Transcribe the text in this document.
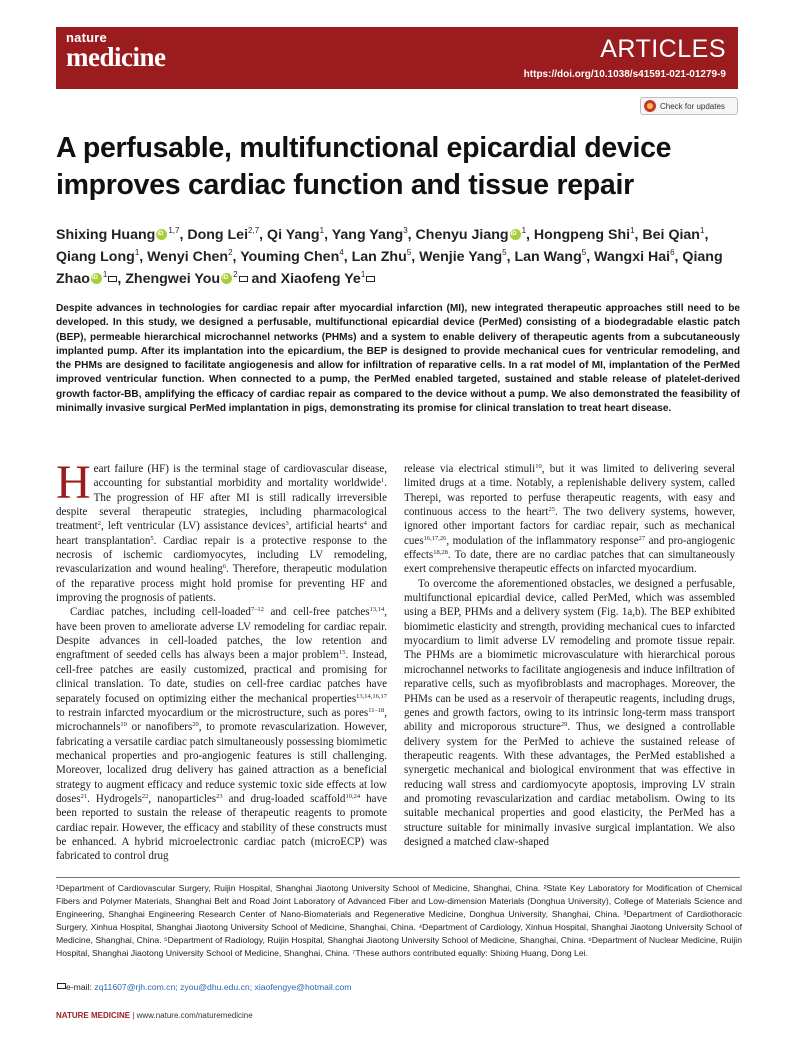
nature
medicine	ARTICLES
https://doi.org/10.1038/s41591-021-01279-9
Check for updates
A perfusable, multifunctional epicardial device improves cardiac function and tissue repair
Shixing Huang iD $^{1,7}$, Dong Lei$^{2,7}$, Qi Yang$^1$, Yang Yang$^3$, Chenyu Jiang iD $^1$, Hongpeng Shi$^1$, Bei Qian$^1$, Qiang Long$^1$, Wenyi Chen$^2$, Youming Chen$^4$, Lan Zhu$^5$, Wenjie Yang$^5$, Lan Wang$^5$, Wangxi Hai$^6$, Qiang Zhao iD $^1$ , Zhengwei You iD $^2$ and Xiaofeng Ye$^1$

Despite advances in technologies for cardiac repair after myocardial infarction (MI), new integrated therapeutic approaches still need to be developed. In this study, we designed a perfusable, multifunctional epicardial device (PerMed) consisting of a biodegradable elastic patch (BEP), permeable hierarchical microchannel networks (PHMs) and a system to enable delivery of therapeutic agents from a subcutaneously implanted pump. After its implantation into the epicardium, the BEP is designed to provide mechanical cues for ventricular remodeling, and the PHMs are designed to facilitate angiogenesis and allow for infiltration of reparative cells. In a rat model of MI, implantation of the PerMed improved ventricular function. When connected to a pump, the PerMed enabled targeted, sustained and stable release of platelet-derived growth factor-BB, amplifying the efficacy of cardiac repair as compared to the device without a pump. We also demonstrated the feasibility of minimally invasive surgical PerMed implantation in pigs, demonstrating its promise for clinical translation to treat heart disease.

Heart failure (HF) is the terminal stage of cardiovascular disease, accounting for substantial morbidity and mortality worldwide$^1$. The progression of HF after MI is still radically irreversible despite several therapeutic strategies, including pharmacological treatment$^2$, left ventricular (LV) assistance devices$^3$, artificial hearts$^4$ and heart transplantation$^5$. Cardiac repair is a protective response to the necrosis of ischemic cardiomyocytes, including LV remodeling, revascularization and wound healing$^6$. Therefore, therapeutic modulation of the reparative process might hold promise for preventing HF and improving the prognosis of patients.

Cardiac patches, including cell-loaded$^{7-12}$ and cell-free patches$^{13,14}$, have been proven to ameliorate adverse LV remodeling for cardiac repair. Despite advances in cell-loaded patches, the low retention and engraftment of seeded cells has always been a major problem$^{15}$. Instead, cell-free patches are easily customized, practical and promising for clinical translation. To date, studies on cell-free cardiac patches have separately focused on optimizing either the mechanical properties$^{13,14,16,17}$ to restrain infarcted myocardium or the microstructure, such as pores$^{11-18}$, microchannels$^{19}$ or nanofibers$^{20}$, to promote revascularization. However, fabricating a versatile cardiac patch simultaneously possessing biomimetic mechanical properties and pro-angiogenic features is still challenging. Moreover, localized drug delivery has gained attraction as a beneficial strategy to augment efficacy and reduce systemic toxic side effects at low doses$^{21}$. Hydrogels$^{22}$, nanoparticles$^{23}$ and drug-loaded scaffold$^{10,24}$ have been reported to sustain the release of therapeutic reagents to promote cardiac repair. However, the efficacy and stability of these constructs must be enhanced. A hybrid microelectronic cardiac patch (microECP) was fabricated to control drug

release via electrical stimuli$^{10}$, but it was limited to delivering several limited drugs at a time. Notably, a replenishable delivery system, called Therepi, was reported to perfuse therapeutic reagents, with easy and continuous access to the heart$^{25}$. The two delivery systems, however, ignored other important factors for cardiac repair, such as mechanical cues$^{16,17,26}$, modulation of the inflammatory response$^{27}$ and pro-angiogenic effects$^{18,28}$. To date, there are no cardiac patches that can simultaneously exert comprehensive therapeutic effects on infarcted myocardium.

To overcome the aforementioned obstacles, we designed a perfusable, multifunctional epicardial device, called PerMed, which was assembled using a BEP, PHMs and a delivery system (Fig. 1a,b). The BEP exhibited biomimetic elasticity and strength, providing mechanical cues to infarcted myocardium to limit adverse LV remodeling and promote tissue repair. The PHMs are a biomimetic microvasculature with hierarchical porous microchannel networks to facilitate angiogenesis and induce infiltration of reparative cells, such as myofibroblasts and macrophages. Moreover, the PHMs can be used as a reservoir of therapeutic reagents, including drugs, genes and growth factors, owing to its intrinsic long-term mass transport ability and microporous structure$^{29}$. Thus, we designed a controllable delivery system for the PerMed to achieve the sustained release of therapeutic reagents. With these advantages, the PerMed established a synergetic mechanical and biological environment that was effective in reducing wall stress and cardiomyocyte apoptosis, improving LV strain and promoting revascularization and cardiac metabolism. Owing to its suitable mechanical properties and good elasticity, the PerMed has a structure suitable for minimally invasive surgical implantation. We also designed a matched claw-shaped

¹Department of Cardiovascular Surgery, Ruijin Hospital, Shanghai Jiaotong University School of Medicine, Shanghai, China. ²State Key Laboratory for Modification of Chemical Fibers and Polymer Materials, Shanghai Belt and Road Joint Laboratory of Advanced Fiber and Low-dimension Materials (Donghua University), College of Materials Science and Engineering, Shanghai Engineering Research Center of Nano-Biomaterials and Regenerative Medicine, Donghua University, Shanghai, China. ³Department of Cardiothoracic Surgery, Xinhua Hospital, Shanghai Jiaotong University School of Medicine, Shanghai, China. ⁴Department of Cardiology, Xinhua Hospital, Shanghai Jiaotong University School of Medicine, Shanghai, China. ⁵Department of Radiology, Ruijin Hospital, Shanghai Jiaotong University School of Medicine, Shanghai, China. ⁶Department of Nuclear Medicine, Ruijin Hospital, Shanghai Jiaotong University School of Medicine, Shanghai, China. ⁷These authors contributed equally: Shixing Huang, Dong Lei.

e-mail: zq11607@rjh.com.cn; zyou@dhu.edu.cn; xiaofengye@hotmail.com
NATURE MEDICINE | www.nature.com/naturemedicine
